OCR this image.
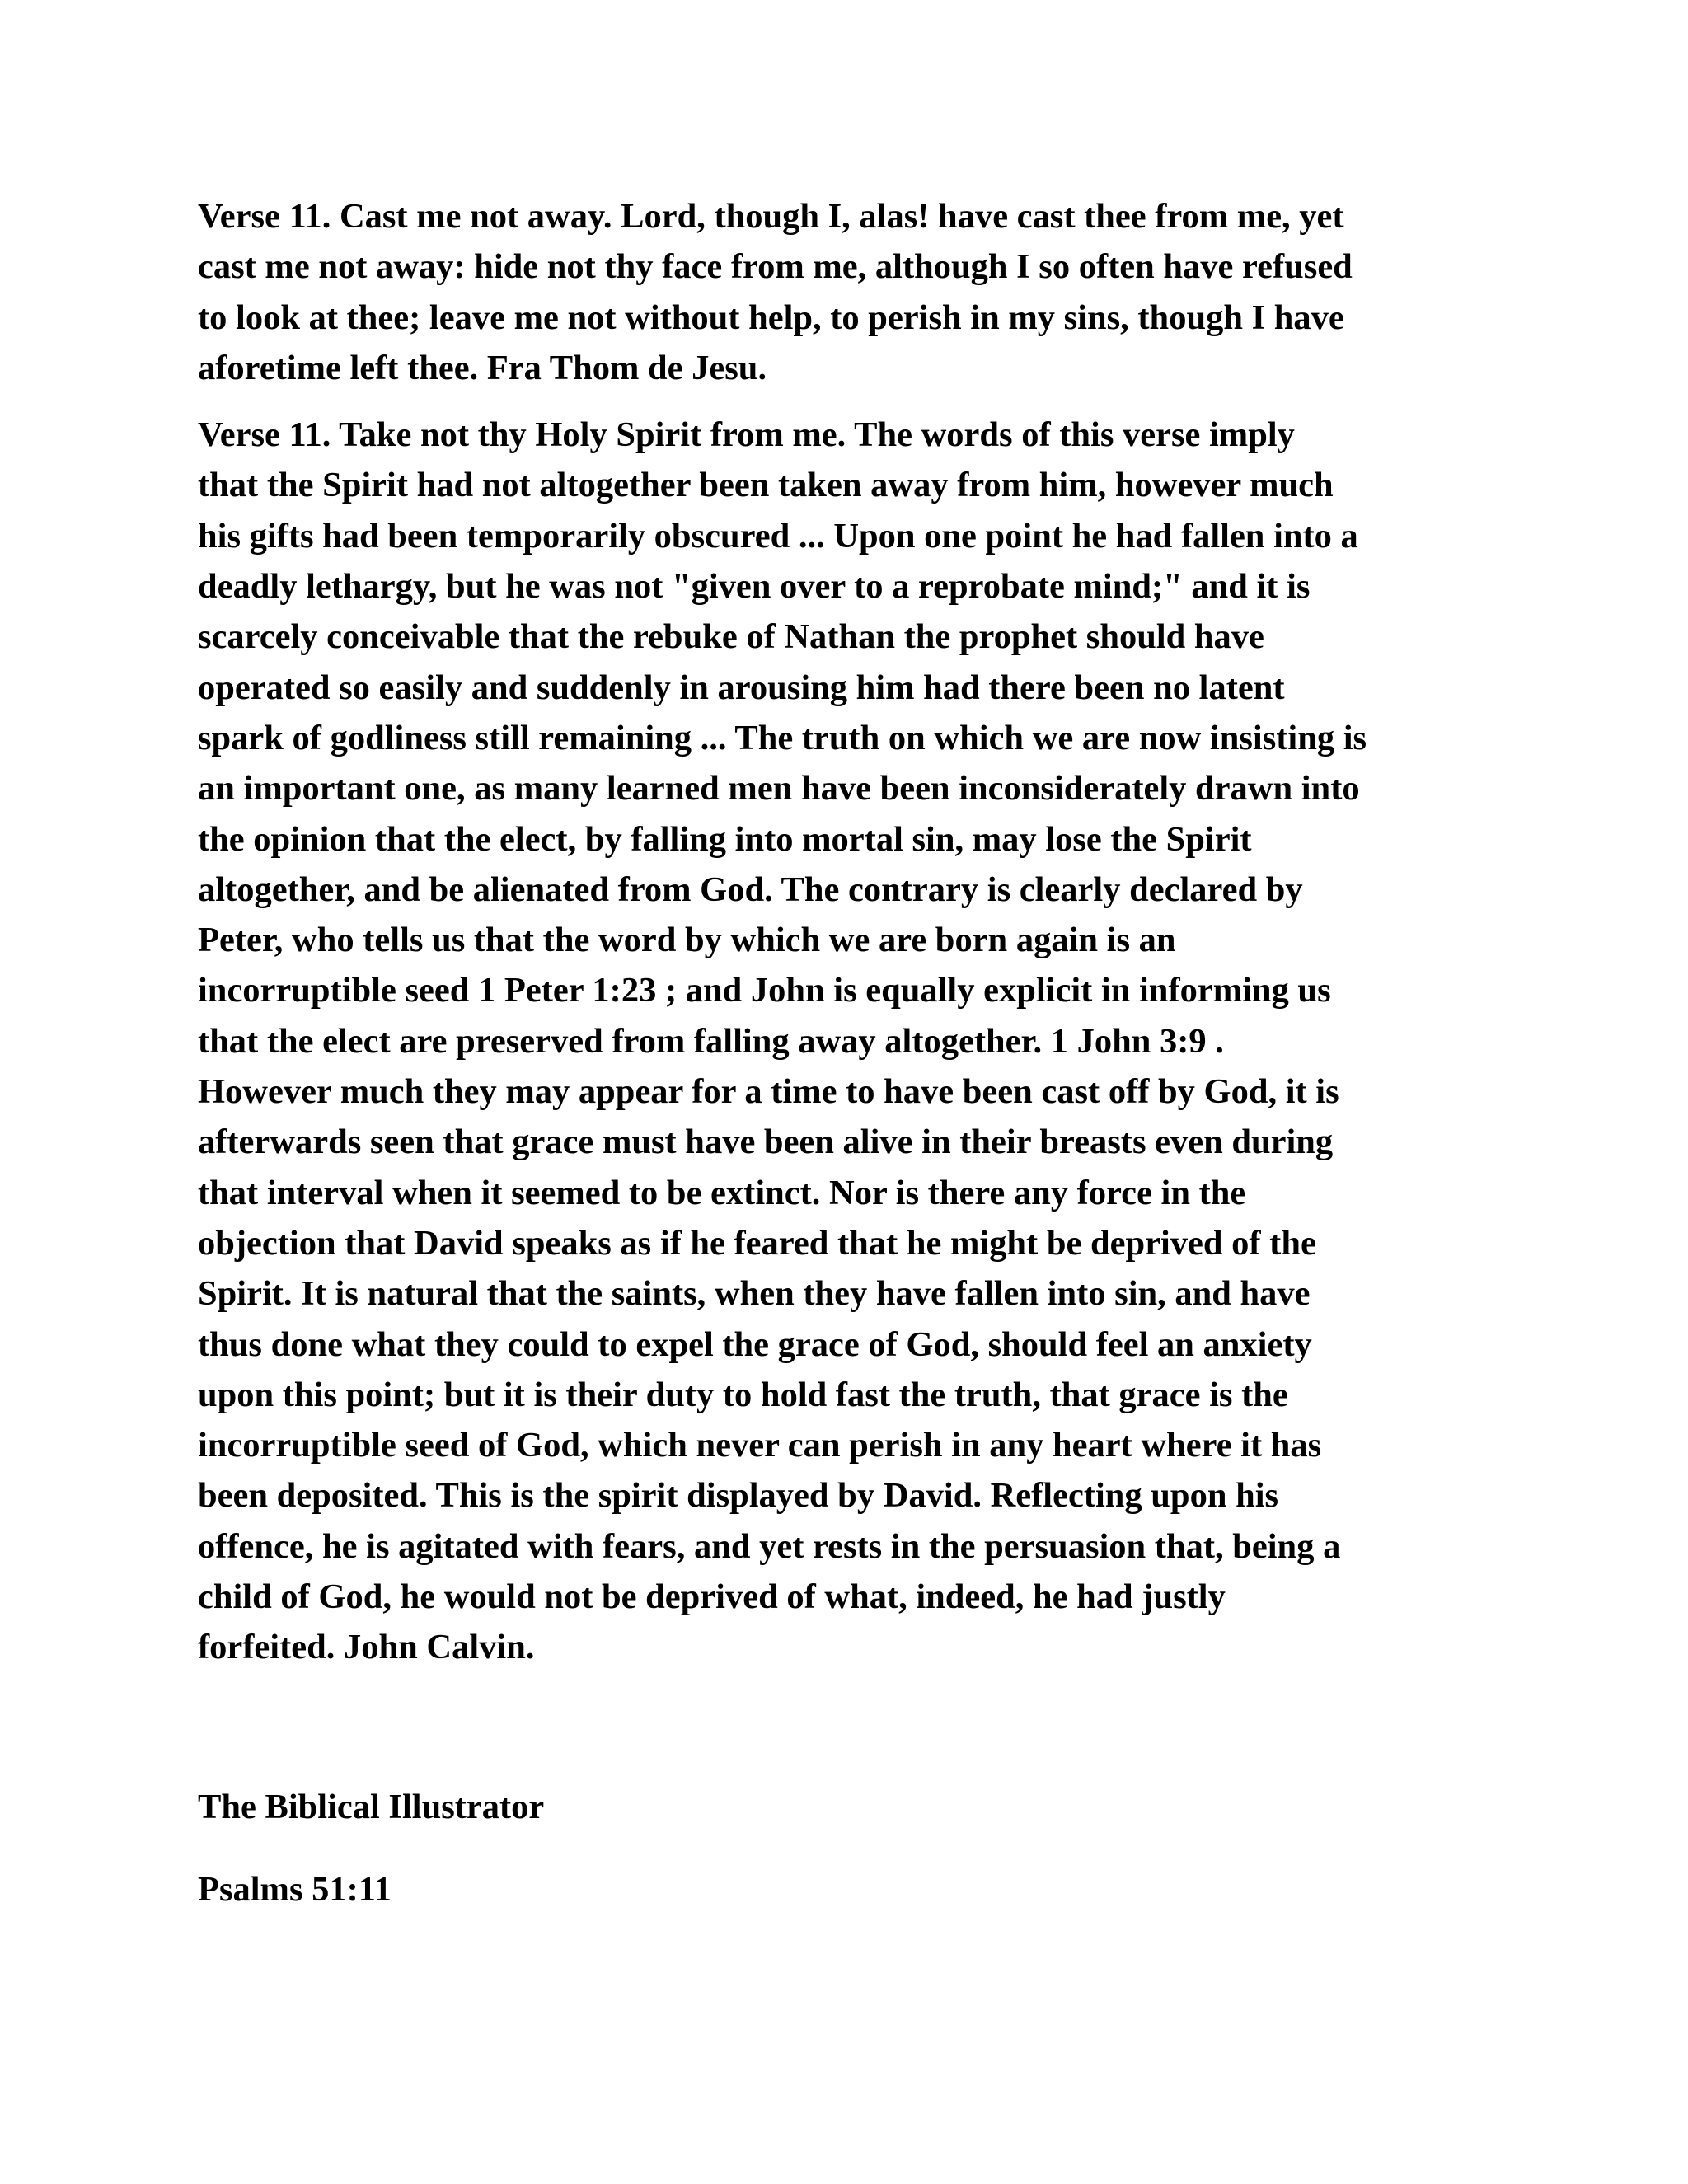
Verse 11. Cast me not away. Lord, though I, alas! have cast thee from me, yet
cast me not away: hide not thy face from me, although I so often have refused
to look at thee; leave me not without help, to perish in my sins, though I have
aforetime left thee. Fra Thom de Jesu.

Verse 11. Take not thy Holy Spirit from me. The words of this verse imply
that the Spirit had not altogether been taken away from him, however much
his gifts had been temporarily obscured ... Upon one point he had fallen into a
deadly lethargy, but he was not "given over to a reprobate mind;" and it is
scarcely conceivable that the rebuke of Nathan the prophet should have
operated so easily and suddenly in arousing him had there been no latent
spark of godliness still remaining ... The truth on which we are now insisting is
an important one, as many learned men have been inconsiderately drawn into
the opinion that the elect, by falling into mortal sin, may lose the Spirit
altogether, and be alienated from God. The contrary is clearly declared by
Peter, who tells us that the word by which we are born again is an
incorruptible seed 1 Peter 1:23 ; and John is equally explicit in informing us
that the elect are preserved from falling away altogether. 1 John 3:9 .
However much they may appear for a time to have been cast off by God, it is
afterwards seen that grace must have been alive in their breasts even during
that interval when it seemed to be extinct. Nor is there any force in the
objection that David speaks as if he feared that he might be deprived of the
Spirit. It is natural that the saints, when they have fallen into sin, and have
thus done what they could to expel the grace of God, should feel an anxiety
upon this point; but it is their duty to hold fast the truth, that grace is the
incorruptible seed of God, which never can perish in any heart where it has
been deposited. This is the spirit displayed by David. Reflecting upon his
offence, he is agitated with fears, and yet rests in the persuasion that, being a
child of God, he would not be deprived of what, indeed, he had justly
forfeited. John Calvin.

The Biblical Illustrator
Psalms 51:11
